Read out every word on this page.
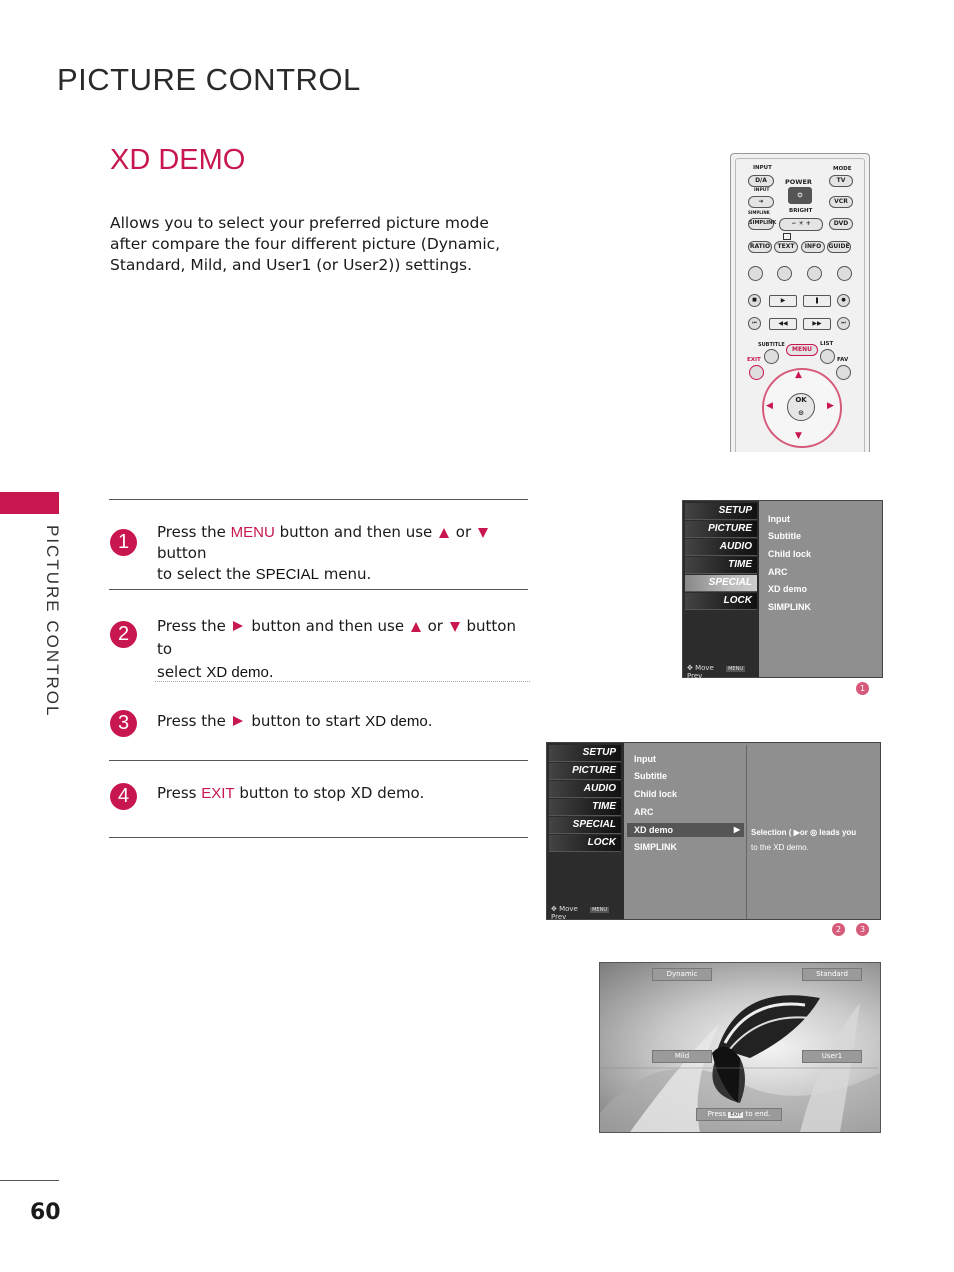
PICTURE CONTROL
XD DEMO
Allows you to select your preferred picture mode after compare the four different picture (Dynamic, Standard, Mild, and User1 (or User2)) settings.
PICTURE CONTROL
60
INPUT	MODE
D/A	POWER	TV
⏻
INPUT
➜	VCR
BRIGHT
SIMPLINK
− ☀ +
SIMPLINK	DVD
RATIO	TEXT	INFO	GUIDE
■	▶	❚	●
⏮	◀◀	▶▶	⏭
SUBTITLE	LIST
MENU
EXIT	FAV
▲
▼
◀	▶
OK
⊙
1	Press the MENU button and then use  or  button
to select the SPECIAL menu.
2	Press the  button and then use  or  button to
select XD demo.
3	Press the  button to start XD demo.
4	Press EXIT button to stop XD demo.
SETUP
PICTURE
AUDIO
TIME
SPECIAL
LOCK
✥ Move	MENU Prev
Input
Subtitle
Child lock
ARC
XD demo
SIMPLINK
1
SETUP
PICTURE
AUDIO
TIME
SPECIAL
LOCK
✥ Move	MENU Prev
Input
Subtitle
Child lock
ARC
XD demo	▶
SIMPLINK
Selection ( ▶or ◎ leads you
to the XD demo.
2	3
Dynamic	Standard
Mild	User1
Press EXIT to end.
